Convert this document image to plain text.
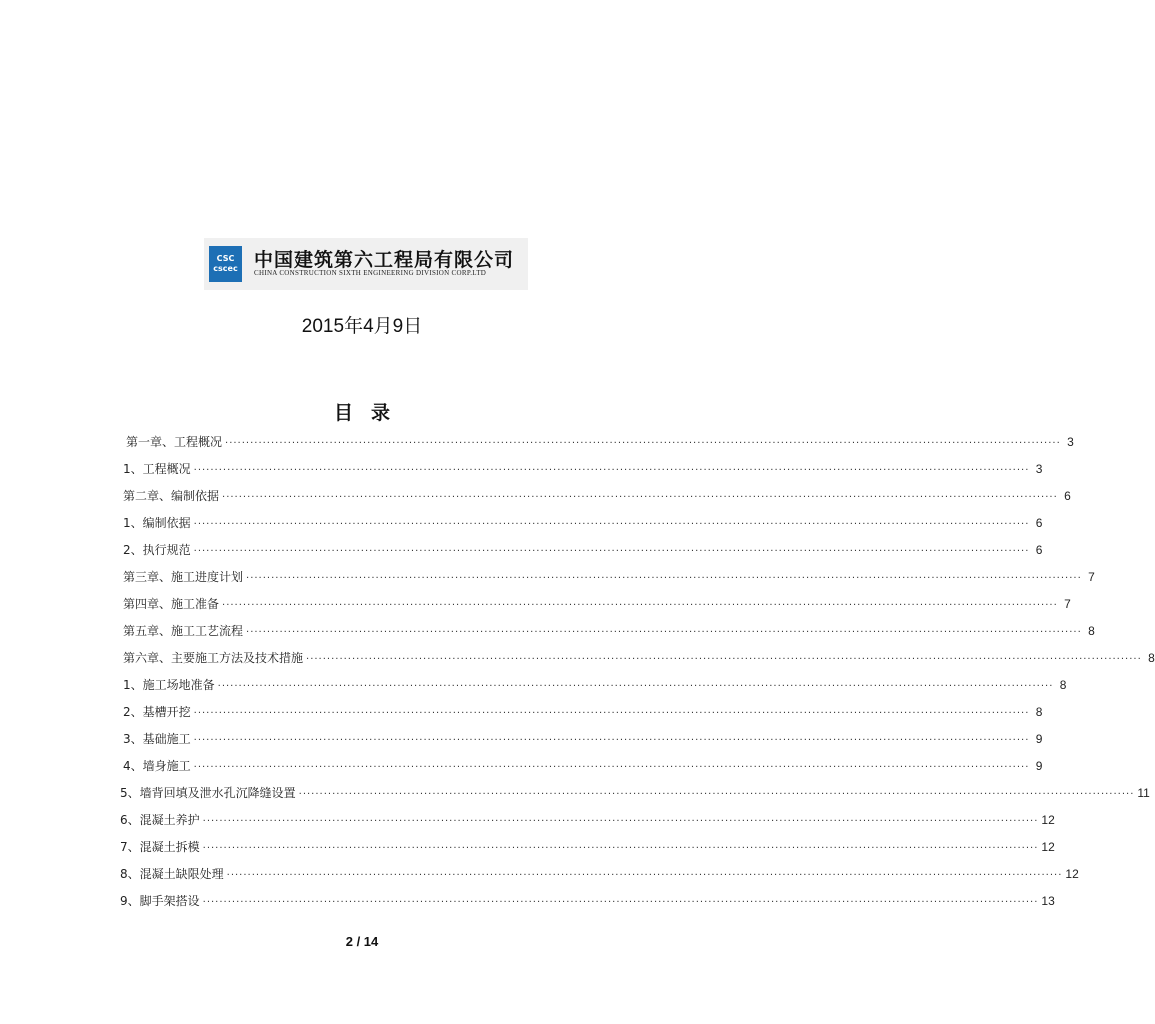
CSC
cscec 中国建筑第六工程局有限公司
CHINA CONSTRUCTION SIXTH ENGINEERING DIVISION CORP.LTD
2015年4月9日
目录
第一章、工程概况 ········································································································································································································ 3
1、工程概况 ········································································································································································································ 3
第二章、编制依据 ········································································································································································································ 6
1、编制依据 ········································································································································································································ 6
2、执行规范 ········································································································································································································ 6
第三章、施工进度计划 ········································································································································································································ 7
第四章、施工准备 ········································································································································································································ 7
第五章、施工工艺流程 ········································································································································································································ 8
第六章、主要施工方法及技术措施 ········································································································································································································ 8
1、施工场地准备 ········································································································································································································ 8
2、基槽开挖 ········································································································································································································ 8
3、基础施工 ········································································································································································································ 9
4、墙身施工 ········································································································································································································ 9
5、墙背回填及泄水孔沉降缝设置 ········································································································································································································ 11
6、混凝土养护 ········································································································································································································ 12
7、混凝土拆模 ········································································································································································································ 12
8、混凝土缺限处理 ········································································································································································································ 12
9、脚手架搭设 ········································································································································································································ 13
2 / 14
